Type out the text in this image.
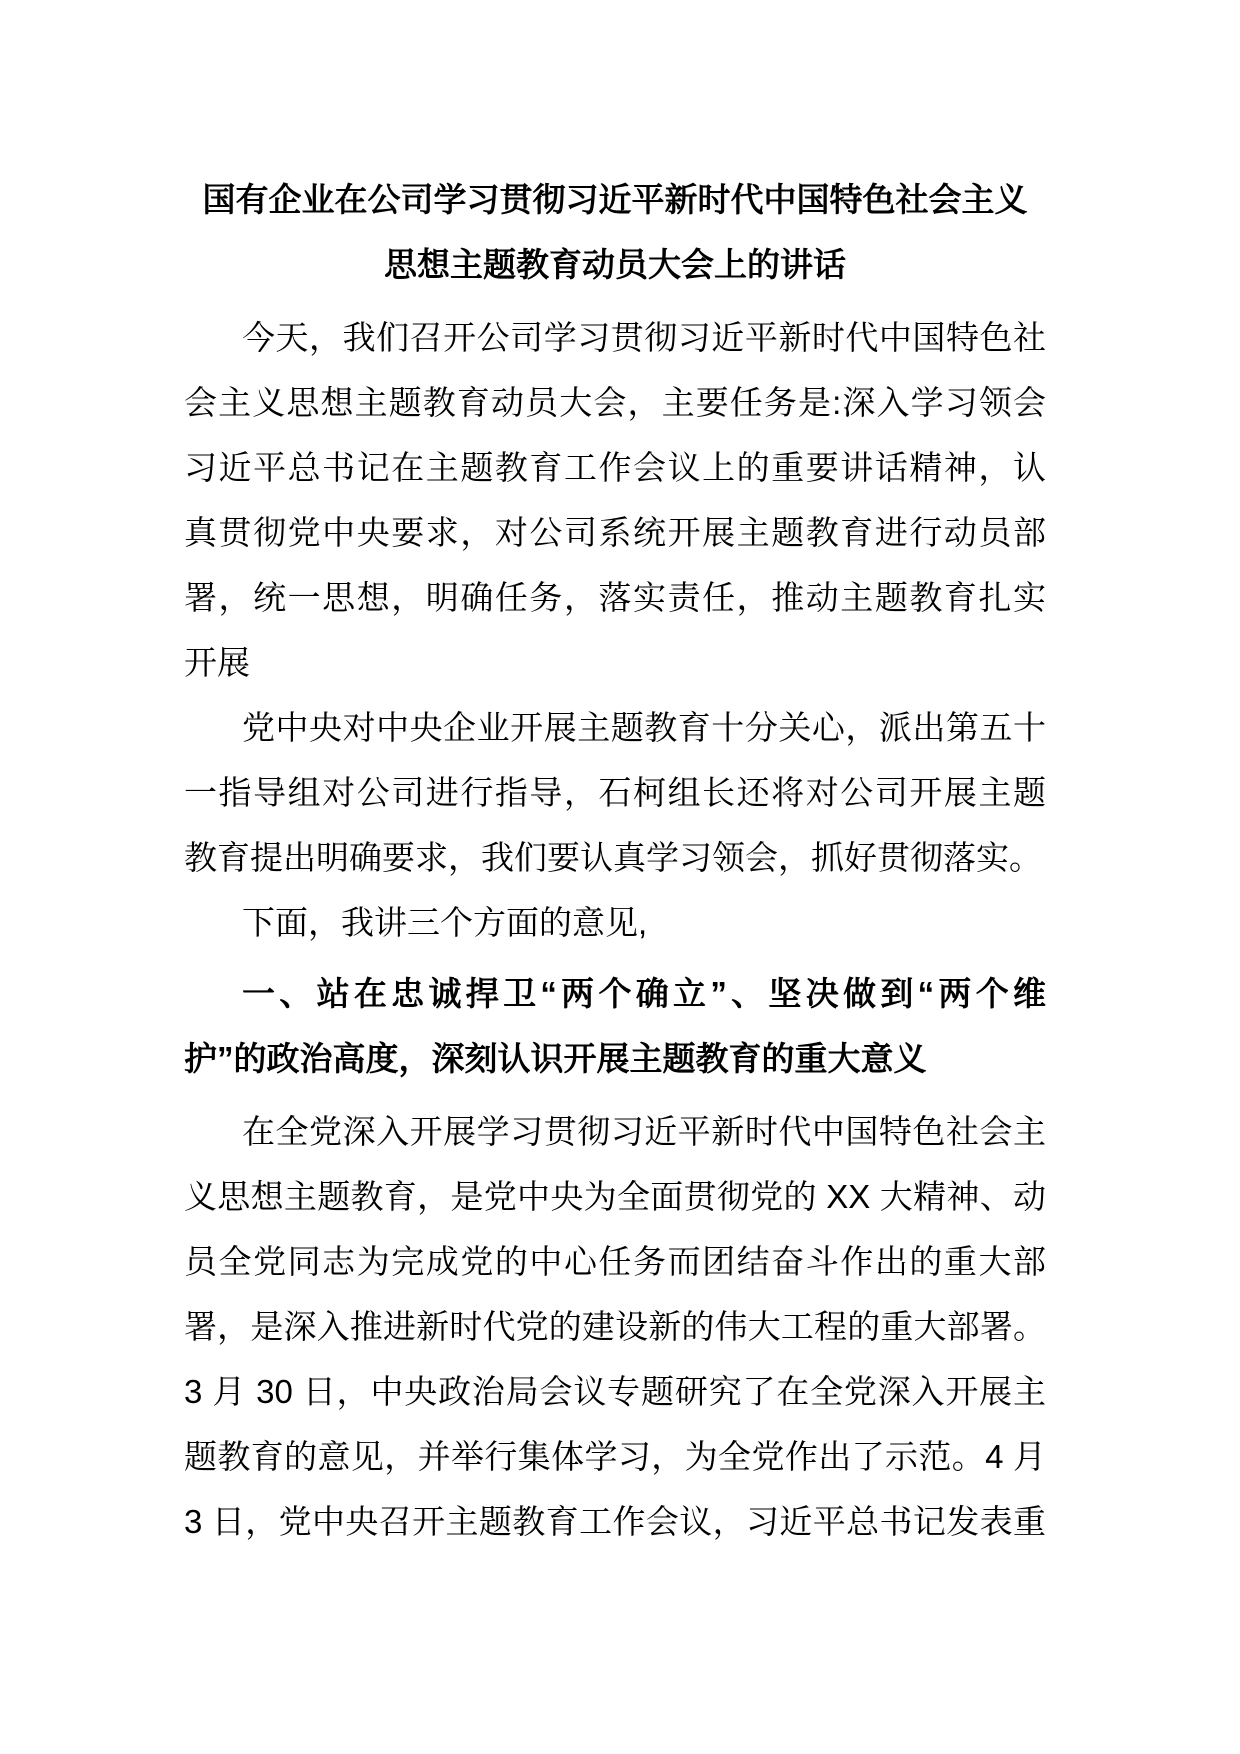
国有企业在公司学习贯彻习近平新时代中国特色社会主义
思想主题教育动员大会上的讲话
今天，我们召开公司学习贯彻习近平新时代中国特色社
会主义思想主题教育动员大会，主要任务是:深入学习领会
习近平总书记在主题教育工作会议上的重要讲话精神，认
真贯彻党中央要求，对公司系统开展主题教育进行动员部
署，统一思想，明确任务，落实责任，推动主题教育扎实
开展
党中央对中央企业开展主题教育十分关心，派出第五十
一指导组对公司进行指导，石柯组长还将对公司开展主题
教育提出明确要求，我们要认真学习领会，抓好贯彻落实。
下面，我讲三个方面的意见,
一、站在忠诚捍卫“两个确立”、坚决做到“两个维
护”的政治高度，深刻认识开展主题教育的重大意义
在全党深入开展学习贯彻习近平新时代中国特色社会主
义思想主题教育，是党中央为全面贯彻党的 XX 大精神、动
员全党同志为完成党的中心任务而团结奋斗作出的重大部
署，是深入推进新时代党的建设新的伟大工程的重大部署。
3 月 30 日，中央政治局会议专题研究了在全党深入开展主
题教育的意见，并举行集体学习，为全党作出了示范。4 月
3 日，党中央召开主题教育工作会议，习近平总书记发表重
